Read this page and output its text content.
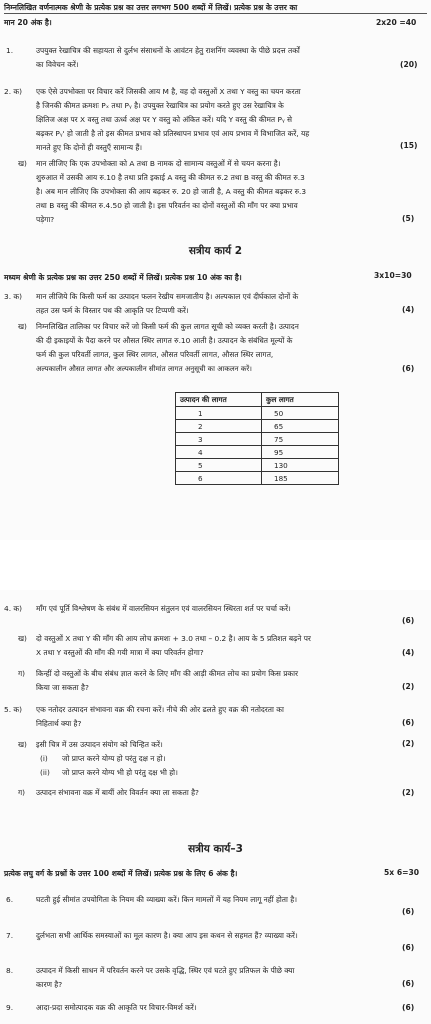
निम्नलिखित वर्णनात्मक श्रेणी के प्रत्येक प्रश्न का उत्तर लगभग 500 शब्दों में लिखें। प्रत्येक प्रश्न के उत्तर का
मान 20 अंक है।	2x20 =40
1.	उपयुक्त रेखाचित्र की सहायता से दुर्लभ संसाधनों के आवंटन हेतु राशनिंग व्यवस्था के पीछे प्रदत्त तर्कों
का विवेचन करें।	(20)
2. क) एक ऐसे उपभोक्ता पर विचार करें जिसकी आय M है, वह दो वस्तुओं X तथा Y वस्तु का चयन करता
है जिनकी कीमत क्रमशः Pₓ तथा Pᵧ है। उपयुक्त रेखाचित्र का प्रयोग करते हुए उस रेखाचित्र के
क्षितिज अक्ष पर X वस्तु तथा ऊर्ध्व अक्ष पर Y वस्तु को अंकित करें। यदि Y वस्तु की कीमत Pᵧ से
बढ़कर Pᵧ' हो जाती है तो इस कीमत प्रभाव को प्रतिस्थापन प्रभाव एवं आय प्रभाव में विभाजित करें, यह
मानते हुए कि दोनों ही वस्तुएँ सामान्य हैं।	(15)
ख) मान लीजिए कि एक उपभोक्ता को A तथा B नामक दो सामान्य वस्तुओं में से चयन करना है।
शुरुआत में उसकी आय रु.10 है तथा प्रति इकाई A वस्तु की कीमत रु.2 तथा B वस्तु की कीमत रु.3
है। अब मान लीजिए कि उपभोक्ता की आय बढ़कर रु. 20 हो जाती है, A वस्तु की कीमत बढ़कर रु.3
तथा B वस्तु की कीमत रु.4.50 हो जाती है। इस परिवर्तन का दोनों वस्तुओं की माँग पर क्या प्रभाव
पड़ेगा?	(5)
सत्रीय कार्य 2
मध्यम श्रेणी के प्रत्येक प्रश्न का उत्तर 250 शब्दों में लिखें। प्रत्येक प्रश्न 10 अंक का है।	3x10=30
3. क) मान लीजिये कि किसी फर्म का उत्पादन फलन रेखीय समजातीय है। अल्पकाल एवं दीर्घकाल दोनों के
तहत उस फर्म के विस्तार पथ की आकृति पर टिप्पणी करें।	(4)
ख) निम्नलिखित तालिका पर विचार करें जो किसी फर्म की कुल लागत सूची को व्यक्त करती है। उत्पादन
की दी इकाइयों के पैदा करने पर औसत स्थिर लागत रु.10 आती है। उत्पादन के संबंधित मूल्यों के
फर्म की कुल परिवर्ती लागत, कुल स्थिर लागत, औसत परिवर्ती लागत, औसत स्थिर लागत,
अल्पकालीन औसत लागत और अल्पकालीन सीमांत लागत अनुसूची का आकलन करें।	(6)
उत्पादन की लागत	कुल लागत
1	50
2	65
3	75
4	95
5	130
6	185
4. क) माँग एवं पूर्ति विश्लेषण के संबंध में वालरसियन संतुलन एवं वालरसियन स्थिरता शर्त पर चर्चा करें।
(6)
ख) दो वस्तुओं X तथा Y की माँग की आय लोच क्रमशः + 3.0 तथा – 0.2 है। आय के 5 प्रतिशत बढ़ने पर
X तथा Y वस्तुओं की माँग की गयी मात्रा में क्या परिवर्तन होगा?	(4)
ग) किन्हीं दो वस्तुओं के बीच संबंध ज्ञात करने के लिए माँग की आड़ी कीमत लोच का प्रयोग किस प्रकार
किया जा सकता है?	(2)
5. क) एक नतोदर उत्पादन संभावना वक्र की रचना करें। नीचे की ओर ढलते हुए वक्र की नतोदरता का
निहितार्थ क्या है?	(6)
ख) इसी चित्र में उस उत्पादन संयोग को चिन्हित करें।	(2)
(i) जो प्राप्त करने योग्य हो परंतु दक्ष न हो।
(ii) जो प्राप्त करने योग्य भी हो परंतु दक्ष भी हो।
ग) उत्पादन संभावना वक्र में बायीं ओर विवर्तन क्या ला सकता है?	(2)
सत्रीय कार्य–3
प्रत्येक लघु वर्ग के प्रश्नों के उत्तर 100 शब्दों में लिखें। प्रत्येक प्रश्न के लिए 6 अंक है।	5x 6=30
6.	घटती हुई सीमांत उपयोगिता के नियम की व्याख्या करें। किन मामलों में यह नियम लागू नहीं होता है।
(6)
7.	दुर्लभता सभी आर्थिक समस्याओं का मूल कारण है। क्या आप इस कथन से सहमत हैं? व्याख्या करें।
(6)
8.	उत्पादन में किसी साधन में परिवर्तन करने पर उसके वृद्धि, स्थिर एवं घटते हुए प्रतिफल के पीछे क्या
कारण है?	(6)
9.	आदा-प्रदा समोत्पादक वक्र की आकृति पर विचार-विमर्श करें।	(6)
